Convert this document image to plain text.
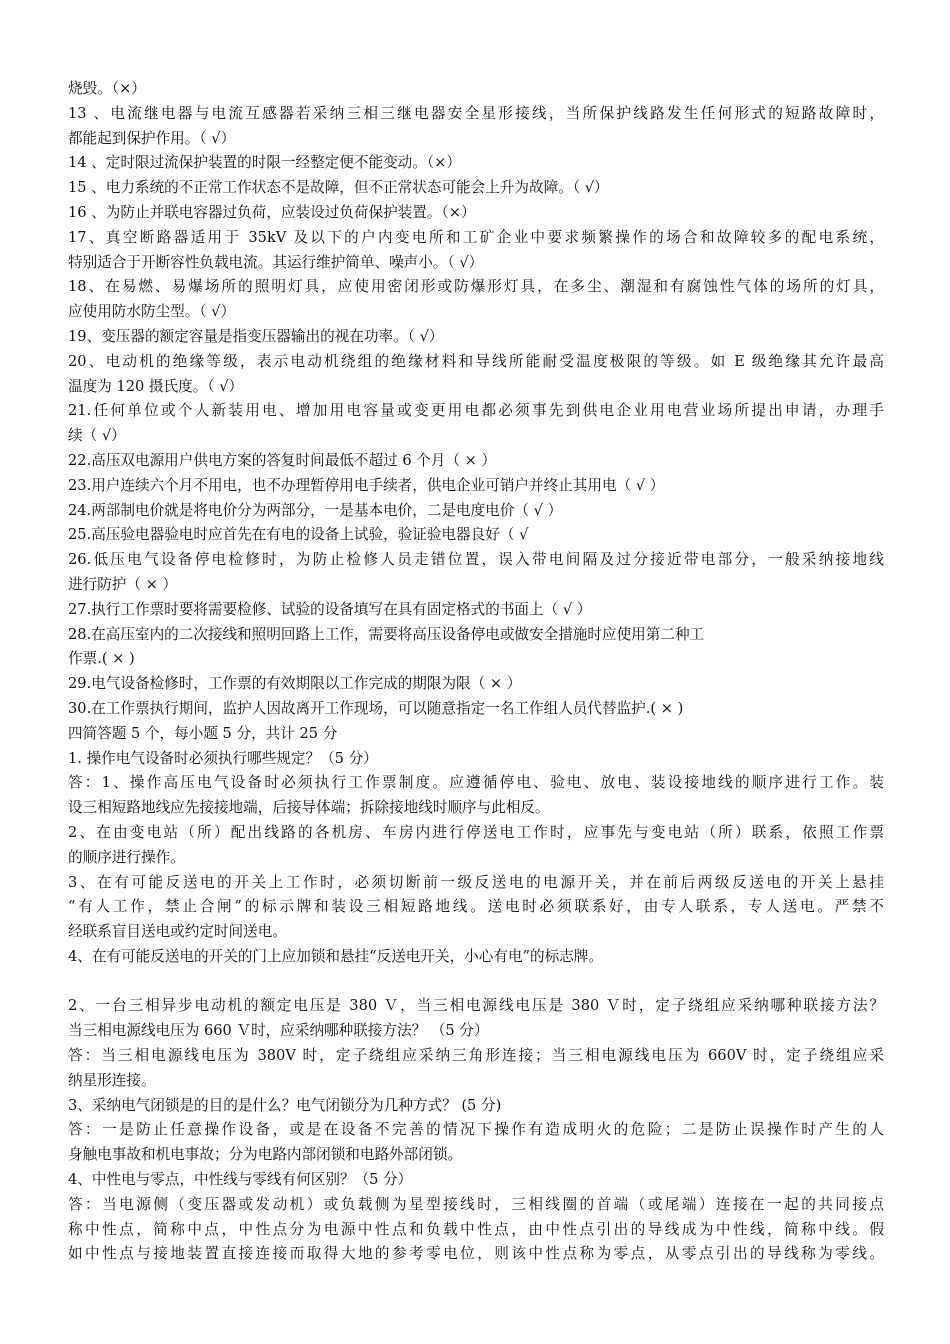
烧毁。（×）
13 、电流继电器与电流互感器若采纳三相三继电器安全星形接线，当所保护线路发生任何形式的短路故障时，
都能起到保护作用。（ √）
14 、定时限过流保护装置的时限一经整定便不能变动。（×）
15 、电力系统的不正常工作状态不是故障，但不正常状态可能会上升为故障。（ √）
16 、为防止并联电容器过负荷，应装设过负荷保护装置。（×）
17、真空断路器适用于 35kV 及以下的户内变电所和工矿企业中要求频繁操作的场合和故障较多的配电系统，
特别适合于开断容性负载电流。其运行维护简单、噪声小。（ √）
18、在易燃、易爆场所的照明灯具，应使用密闭形或防爆形灯具，在多尘、潮湿和有腐蚀性气体的场所的灯具，
应使用防水防尘型。（ √）
19、变压器的额定容量是指变压器输出的视在功率。（ √）
20、电动机的绝缘等级，表示电动机绕组的绝缘材料和导线所能耐受温度极限的等级。如 E 级绝缘其允许最高
温度为 120 摄氏度。（ √）
21.任何单位或个人新装用电、增加用电容量或变更用电都必须事先到供电企业用电营业场所提出申请，办理手
续（ √）
22.高压双电源用户供电方案的答复时间最低不超过 6 个月（ × ）
23.用户连续六个月不用电，也不办理暂停用电手续者，供电企业可销户并终止其用电（ √ ）
24.两部制电价就是将电价分为两部分，一是基本电价，二是电度电价（ √ ）
25.高压验电器验电时应首先在有电的设备上试验，验证验电器良好（ √
26.低压电气设备停电检修时，为防止检修人员走错位置，误入带电间隔及过分接近带电部分，一般采纳接地线
进行防护（ × ）
27.执行工作票时要将需要检修、试验的设备填写在具有固定格式的书面上（ √ ）
28.在高压室内的二次接线和照明回路上工作，需要将高压设备停电或做安全措施时应使用第二种工
作票.( × )
29.电气设备检修时，工作票的有效期限以工作完成的期限为限（ × ）
30.在工作票执行期间，监护人因故离开工作现场，可以随意指定一名工作组人员代替监护.( × )
四简答题 5 个，每小题 5 分，共计 25 分
1. 操作电气设备时必须执行哪些规定？（5 分）
答：1、操作高压电气设备时必须执行工作票制度。应遵循停电、验电、放电、装设接地线的顺序进行工作。装
设三相短路地线应先接接地端，后接导体端；拆除接地线时顺序与此相反。
2、在由变电站（所）配出线路的各机房、车房内进行停送电工作时，应事先与变电站（所）联系，依照工作票
的顺序进行操作。
3、在有可能反送电的开关上工作时，必须切断前一级反送电的电源开关，并在前后两级反送电的开关上悬挂
“有人工作，禁止合闸”的标示牌和装设三相短路地线。送电时必须联系好，由专人联系，专人送电。严禁不
经联系盲目送电或约定时间送电。
4、在有可能反送电的开关的门上应加锁和悬挂“反送电开关，小心有电”的标志牌。
2、一台三相异步电动机的额定电压是 380 Ｖ，当三相电源线电压是 380 Ｖ时，定子绕组应采纳哪种联接方法？
当三相电源线电压为 660 Ｖ时，应采纳哪种联接方法？ （5 分）
答：当三相电源线电压为 380V 时，定子绕组应采纳三角形连接；当三相电源线电压为 660V 时，定子绕组应采
纳星形连接。
3、采纳电气闭锁是的目的是什么？电气闭锁分为几种方式？ (5 分)
答：一是防止任意操作设备，或是在设备不完善的情况下操作有造成明火的危险；二是防止误操作时产生的人
身触电事故和机电事故；分为电路内部闭锁和电路外部闭锁。
4、中性电与零点，中性线与零线有何区别？（5 分）
答：当电源侧（变压器或发动机）或负载侧为星型接线时，三相线圈的首端（或尾端）连接在一起的共同接点
称中性点，简称中点，中性点分为电源中性点和负载中性点，由中性点引出的导线成为中性线，简称中线。假
如中性点与接地装置直接连接而取得大地的参考零电位，则该中性点称为零点，从零点引出的导线称为零线。
